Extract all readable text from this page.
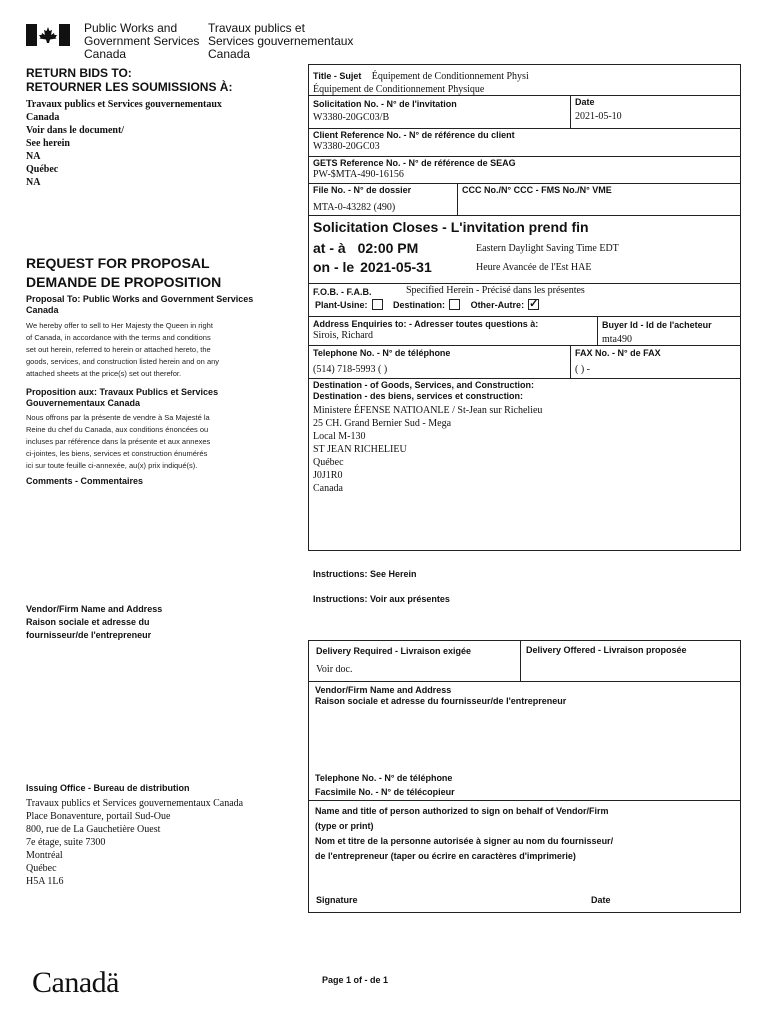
Public Works and
Government Services
Canada
Travaux publics et
Services gouvernementaux
Canada
RETURN BIDS TO:
RETOURNER LES SOUMISSIONS À:
Travaux publics et Services gouvernementaux
Canada
Voir dans le document/
See herein
NA
Québec
NA
REQUEST FOR PROPOSAL
DEMANDE DE PROPOSITION
Proposal To: Public Works and Government Services Canada
We hereby offer to sell to Her Majesty the Queen in right
of Canada, in accordance with the terms and conditions
set out herein, referred to herein or attached hereto, the
goods, services, and construction listed herein and on any
attached sheets at the price(s) set out therefor.
Proposition aux: Travaux Publics et Services Gouvernementaux Canada
Nous offrons par la présente de vendre à Sa Majesté la
Reine du chef du Canada, aux conditions énoncées ou
incluses par référence dans la présente et aux annexes
ci-jointes, les biens, services et construction énumérés
ici sur toute feuille ci-annexée, au(x) prix indiqué(s).
Comments - Commentaires
Vendor/Firm Name and Address
Raison sociale et adresse du
fournisseur/de l'entrepreneur
Issuing Office - Bureau de distribution
Travaux publics et Services gouvernementaux Canada
Place Bonaventure, portail Sud-Oue
800, rue de La Gauchetière Ouest
7e étage, suite 7300
Montréal
Québec
H5A 1L6
Title - Sujet Équipement de Conditionnement Physi
Équipement de Conditionnement Physique
Solicitation No. - N° de l'invitation
W3380-20GC03/B
Date
2021-05-10
Client Reference No. - N° de référence du client
W3380-20GC03
GETS Reference No. - N° de référence de SEAG
PW-$MTA-490-16156
File No. - N° de dossier
MTA-0-43282 (490)
CCC No./N° CCC - FMS No./N° VME
Solicitation Closes - L'invitation prend fin
at - à 02:00 PM
on - le 2021-05-31
Eastern Daylight Saving Time EDT
Heure Avancée de l'Est HAE
F.O.B. - F.A.B.	Specified Herein - Précisé dans les présentes
Plant-Usine:	Destination:	Other-Autre: ✓
Address Enquiries to: - Adresser toutes questions à:
Sirois, Richard
Buyer Id - Id de l'acheteur
mta490
Telephone No. - N° de téléphone
(514) 718-5993 ( )
FAX No. - N° de FAX
( ) -
Destination - of Goods, Services, and Construction:
Destination - des biens, services et construction:
Ministere ÉFENSE NATIOANLE / St-Jean sur Richelieu
25 CH. Grand Bernier Sud - Mega
Local M-130
ST JEAN RICHELIEU
Québec
J0J1R0
Canada
Instructions: See Herein
Instructions: Voir aux présentes
Delivery Required - Livraison exigée
Voir doc.
Delivery Offered - Livraison proposée
Vendor/Firm Name and Address
Raison sociale et adresse du fournisseur/de l'entrepreneur
Telephone No. - N° de téléphone
Facsimile No. - N° de télécopieur
Name and title of person authorized to sign on behalf of Vendor/Firm
(type or print)
Nom et titre de la personne autorisée à signer au nom du fournisseur/
de l'entrepreneur (taper ou écrire en caractères d'imprimerie)
Signature	Date
Canadä	Page 1 of - de 1
